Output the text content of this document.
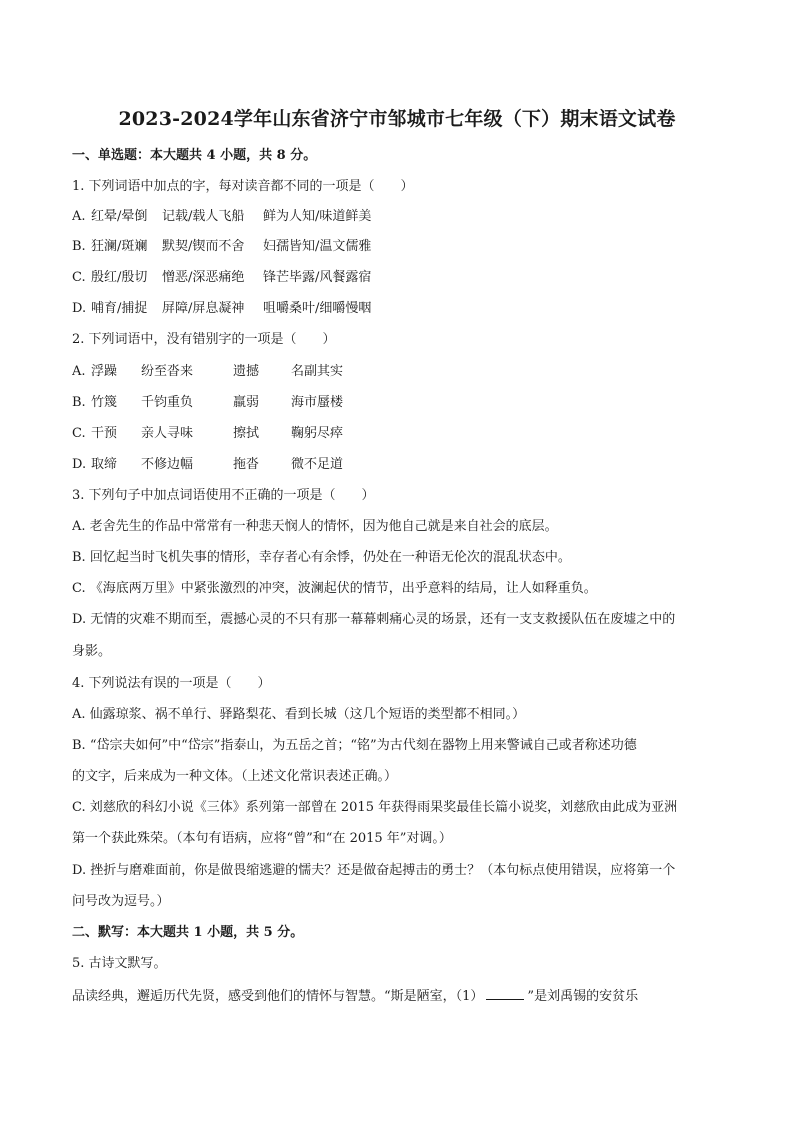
2023-2024学年山东省济宁市邹城市七年级（下）期末语文试卷
一、单选题：本大题共 4 小题，共 8 分。
1. 下列词语中加点的字，每对读音都不同的一项是（　　）
A. 红晕/晕倒	记载/载人飞船	鲜为人知/味道鲜美
B. 狂澜/斑斓	默契/锲而不舍	妇孺皆知/温文儒雅
C. 殷红/殷切	憎恶/深恶痛绝	锋芒毕露/风餐露宿
D. 哺育/捕捉	屏障/屏息凝神	咀嚼桑叶/细嚼慢咽
2. 下列词语中，没有错别字的一项是（　　）
A. 浮躁	纷至沓来	遗撼	名副其实
B. 竹篾	千钧重负	羸弱	海市蜃楼
C. 干预	亲人寻味	擦拭	鞠躬尽瘁
D. 取缔	不修边幅	拖沓	微不足道
3. 下列句子中加点词语使用不正确的一项是（　　）
A. 老舍先生的作品中常常有一种悲天悯人的情怀，因为他自己就是来自社会的底层。
B. 回忆起当时飞机失事的情形，幸存者心有余悸，仍处在一种语无伦次的混乱状态中。
C. 《海底两万里》中紧张激烈的冲突，波澜起伏的情节，出乎意料的结局，让人如释重负。
D. 无情的灾难不期而至，震撼心灵的不只有那一幕幕刺痛心灵的场景，还有一支支救援队伍在废墟之中的
身影。
4. 下列说法有误的一项是（　　）
A. 仙露琼浆、祸不单行、驿路梨花、看到长城（这几个短语的类型都不相同。）
B. “岱宗夫如何”中“岱宗”指泰山，为五岳之首；“铭”为古代刻在器物上用来警诫自己或者称述功德
的文字，后来成为一种文体。（上述文化常识表述正确。）
C. 刘慈欣的科幻小说《三体》系列第一部曾在 2015 年获得雨果奖最佳长篇小说奖，刘慈欣由此成为亚洲
第一个获此殊荣。（本句有语病，应将“曾”和“在 2015 年”对调。）
D. 挫折与磨难面前，你是做畏缩逃避的懦夫？还是做奋起搏击的勇士？（本句标点使用错误，应将第一个
问号改为逗号。）
二、默写：本大题共 1 小题，共 5 分。
5. 古诗文默写。
品读经典，邂逅历代先贤，感受到他们的情怀与智慧。“斯是陋室，（1）	”是刘禹锡的安贫乐
